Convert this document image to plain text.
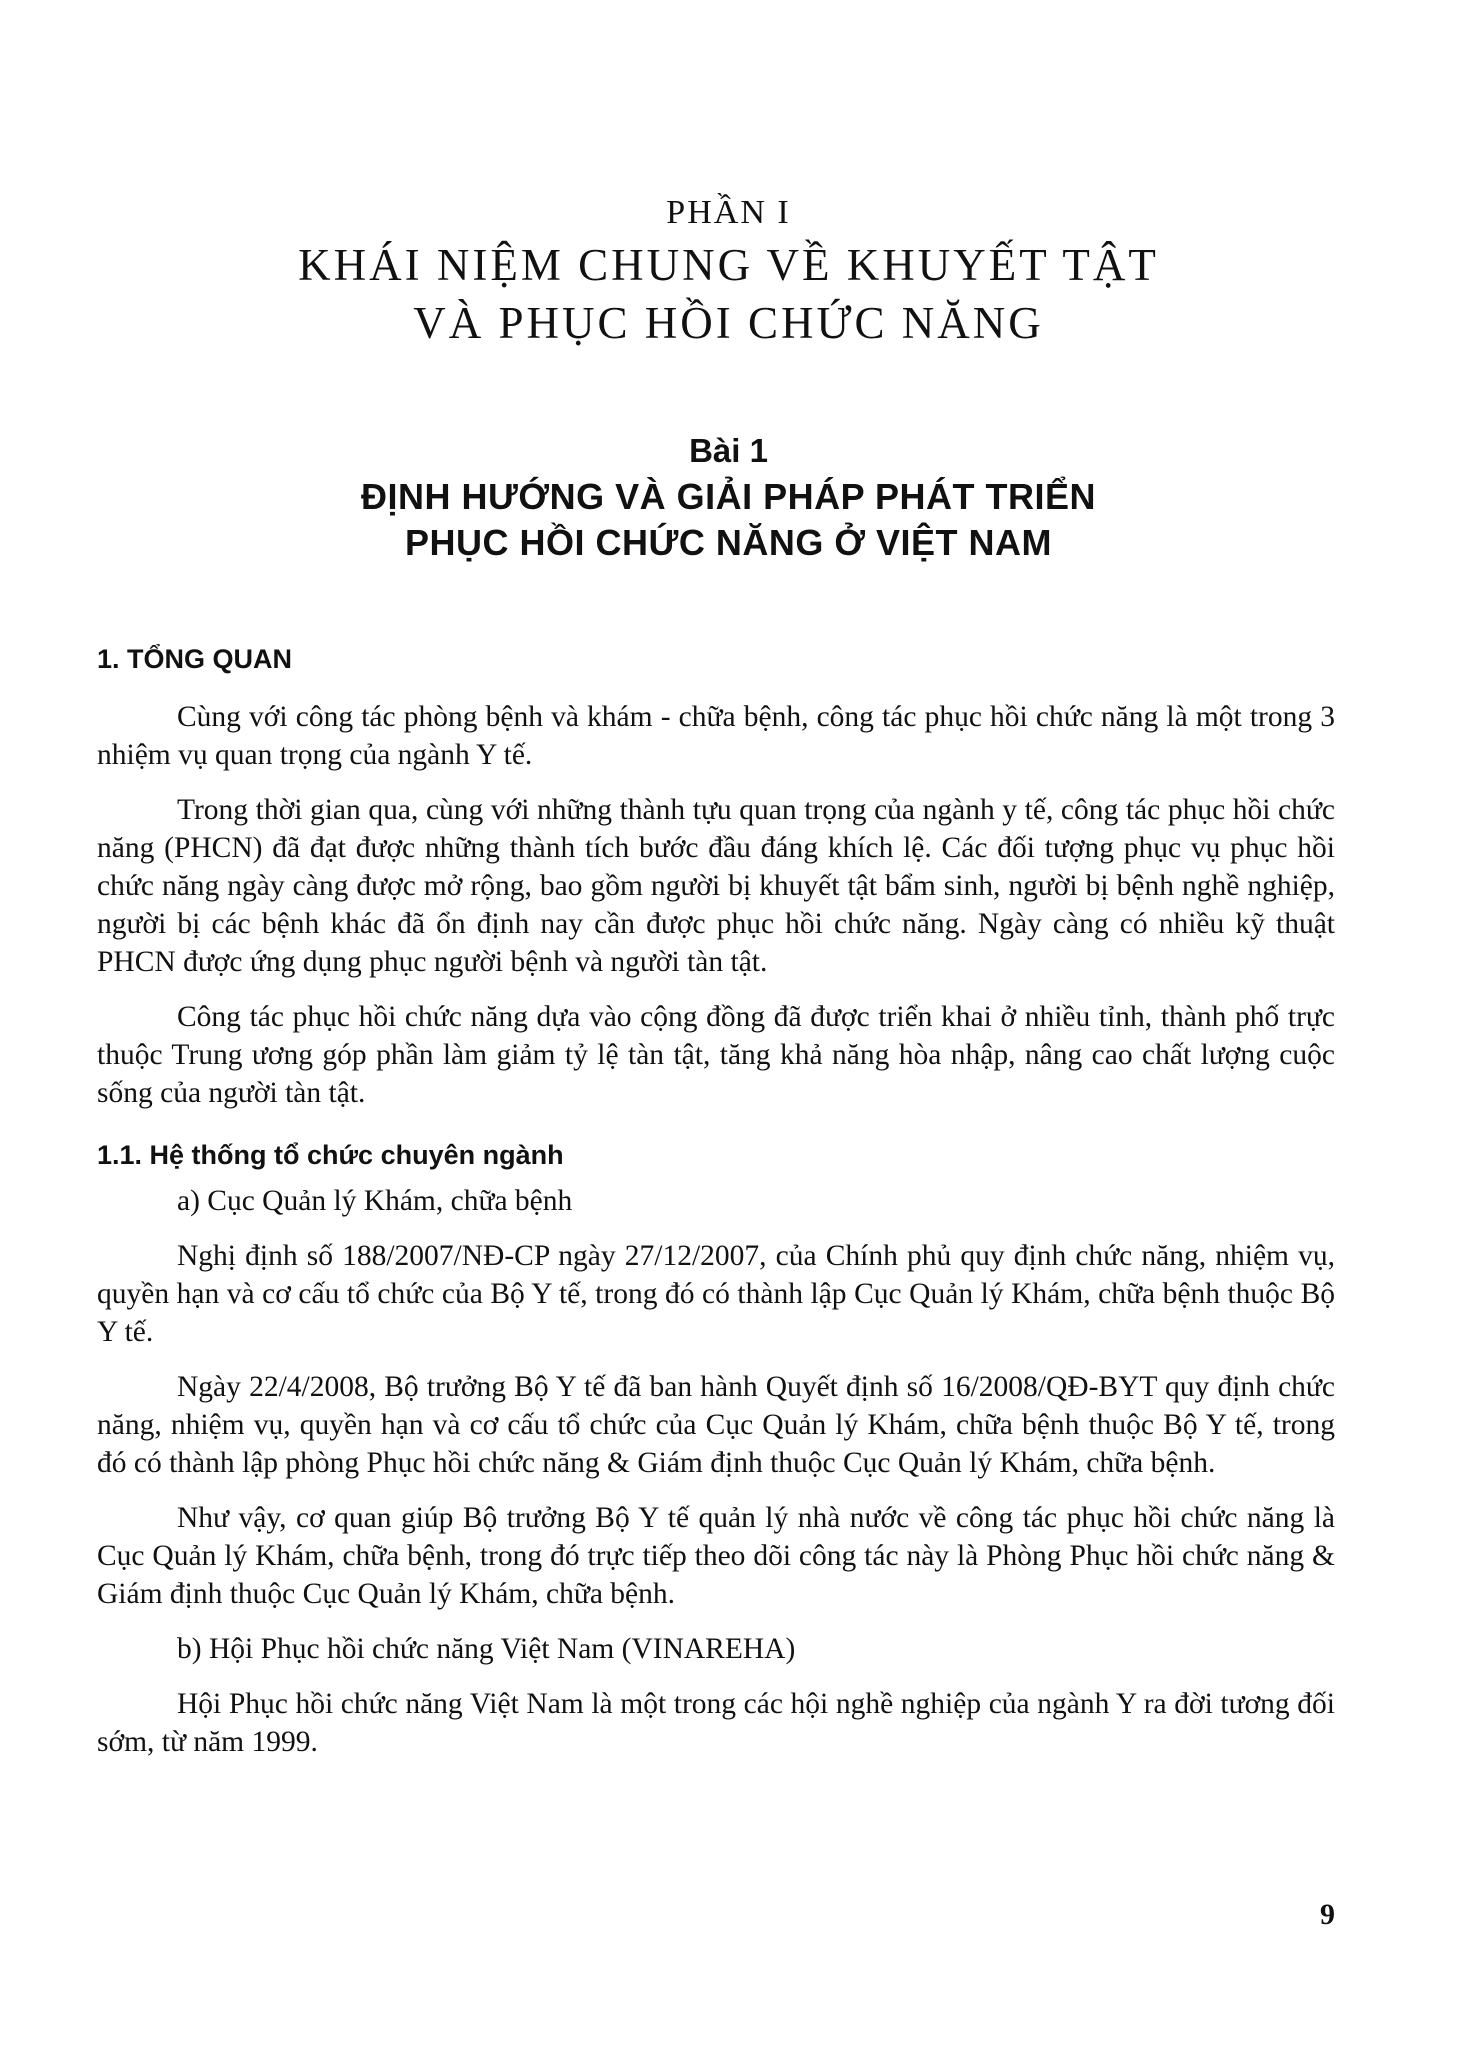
PHẦN I

KHÁI NIỆM CHUNG VỀ KHUYẾT TẬT

VÀ PHỤC HỒI CHỨC NĂNG

Bài 1

ĐỊNH HƯỚNG VÀ GIẢI PHÁP PHÁT TRIỂN

PHỤC HỒI CHỨC NĂNG Ở VIỆT NAM

1. TỔNG QUAN

Cùng với công tác phòng bệnh và khám - chữa bệnh, công tác phục hồi chức năng là một trong 3 nhiệm vụ quan trọng của ngành Y tế.

Trong thời gian qua, cùng với những thành tựu quan trọng của ngành y tế, công tác phục hồi chức năng (PHCN) đã đạt được những thành tích bước đầu đáng khích lệ. Các đối tượng phục vụ phục hồi chức năng ngày càng được mở rộng, bao gồm người bị khuyết tật bẩm sinh, người bị bệnh nghề nghiệp, người bị các bệnh khác đã ổn định nay cần được phục hồi chức năng. Ngày càng có nhiều kỹ thuật PHCN được ứng dụng phục người bệnh và người tàn tật.

Công tác phục hồi chức năng dựa vào cộng đồng đã được triển khai ở nhiều tỉnh, thành phố trực thuộc Trung ương góp phần làm giảm tỷ lệ tàn tật, tăng khả năng hòa nhập, nâng cao chất lượng cuộc sống của người tàn tật.

1.1. Hệ thống tổ chức chuyên ngành

a) Cục Quản lý Khám, chữa bệnh

Nghị định số 188/2007/NĐ-CP ngày 27/12/2007, của Chính phủ quy định chức năng, nhiệm vụ, quyền hạn và cơ cấu tổ chức của Bộ Y tế, trong đó có thành lập Cục Quản lý Khám, chữa bệnh thuộc Bộ Y tế.

Ngày 22/4/2008, Bộ trưởng Bộ Y tế đã ban hành Quyết định số 16/2008/QĐ-BYT quy định chức năng, nhiệm vụ, quyền hạn và cơ cấu tổ chức của Cục Quản lý Khám, chữa bệnh thuộc Bộ Y tế, trong đó có thành lập phòng Phục hồi chức năng & Giám định thuộc Cục Quản lý Khám, chữa bệnh.

Như vậy, cơ quan giúp Bộ trưởng Bộ Y tế quản lý nhà nước về công tác phục hồi chức năng là Cục Quản lý Khám, chữa bệnh, trong đó trực tiếp theo dõi công tác này là Phòng Phục hồi chức năng & Giám định thuộc Cục Quản lý Khám, chữa bệnh.

b) Hội Phục hồi chức năng Việt Nam (VINAREHA)

Hội Phục hồi chức năng Việt Nam là một trong các hội nghề nghiệp của ngành Y ra đời tương đối sớm, từ năm 1999.

9
